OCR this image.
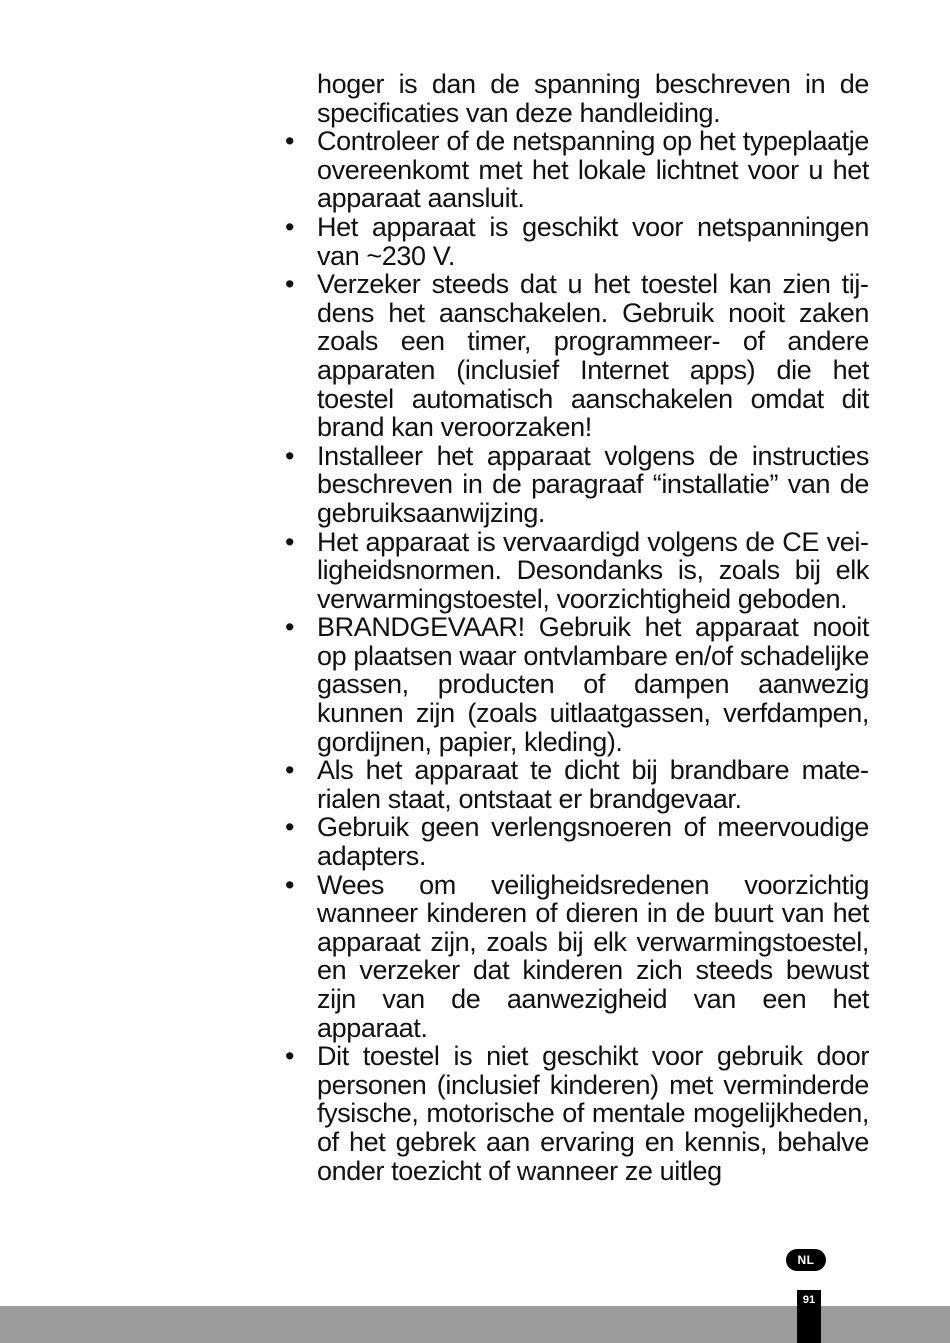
hoger is dan de spanning beschreven in de specificaties van deze handleiding.

• Controleer of de netspanning op het typeplaatje overeenkomt met het lokale lichtnet voor u het apparaat aansluit.
• Het apparaat is geschikt voor netspanningen van ~230 V.
• Verzeker steeds dat u het toestel kan zien tijdens het aanschakelen. Gebruik nooit zaken zoals een timer, programmeer- of andere apparaten (inclusief Internet apps) die het toestel automatisch aanschakelen omdat dit brand kan veroorzaken!
• Installeer het apparaat volgens de instructies beschreven in de paragraaf “installatie” van de gebruiksaanwijzing.
• Het apparaat is vervaardigd volgens de CE veiligheidsnormen. Desondanks is, zoals bij elk verwarmingstoestel, voorzichtigheid geboden.
• BRANDGEVAAR! Gebruik het apparaat nooit op plaatsen waar ontvlambare en/of schadelijke gassen, producten of dampen aanwezig kunnen zijn (zoals uitlaatgassen, verfdampen, gordijnen, papier, kleding).
• Als het apparaat te dicht bij brandbare materialen staat, ontstaat er brandgevaar.
• Gebruik geen verlengsnoeren of meervoudige adapters.
• Wees om veiligheidsredenen voorzichtig wanneer kinderen of dieren in de buurt van het apparaat zijn, zoals bij elk verwarmingstoestel, en verzeker dat kinderen zich steeds bewust zijn van de aanwezigheid van een het apparaat.
• Dit toestel is niet geschikt voor gebruik door personen (inclusief kinderen) met verminderde fysische, motorische of mentale mogelijkheden, of het gebrek aan ervaring en kennis, behalve onder toezicht of wanneer ze uitleg
NL
91
